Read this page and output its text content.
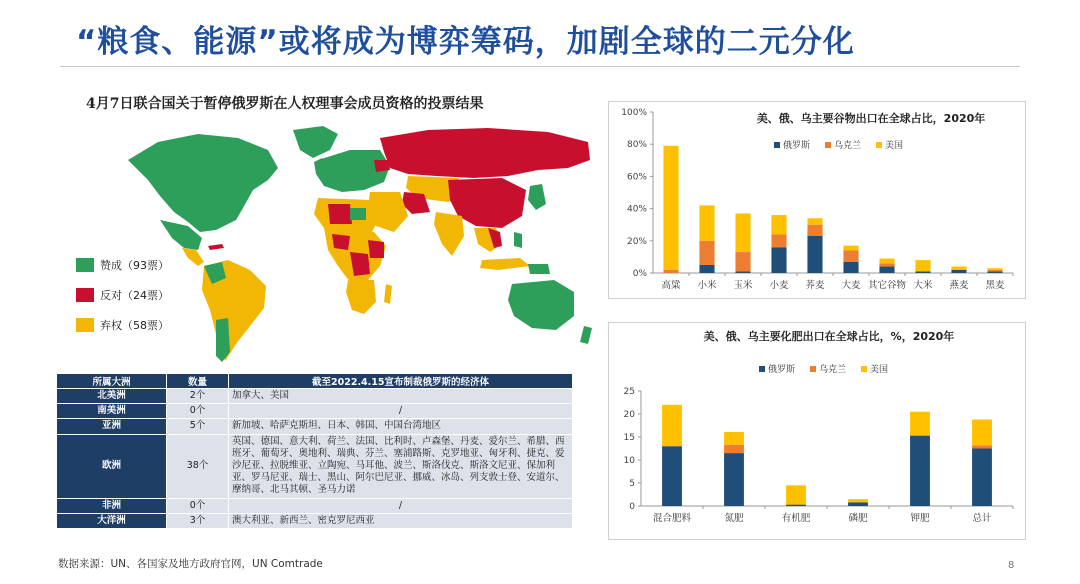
“粮食、能源”或将成为博弈筹码，加剧全球的二元分化
4月7日联合国关于暂停俄罗斯在人权理事会成员资格的投票结果
赞成（93票）
反对（24票）
弃权（58票）
所属大洲	数量	截至2022.4.15宣布制裁俄罗斯的经济体
北美洲	2个	加拿大、美国
南美洲	0个	/
亚洲	5个	新加坡、哈萨克斯坦、日本、韩国、中国台湾地区
欧洲	38个	英国、德国、意大利、荷兰、法国、比利时、卢森堡、丹麦、爱尔兰、希腊、西班牙、葡萄牙、奥地利、瑞典、芬兰、塞浦路斯、克罗地亚、匈牙利、捷克、爱沙尼亚、拉脱维亚、立陶宛、马耳他、波兰、斯洛伐克、斯洛文尼亚、保加利亚、罗马尼亚、瑞士、黑山、阿尔巴尼亚、挪威、冰岛、列支敦士登、安道尔、摩纳哥、北马其顿、圣马力诺
非洲	0个	/
大洋洲	3个	澳大利亚、新西兰、密克罗尼西亚
数据来源：UN、各国家及地方政府官网，UN Comtrade	8
美、俄、乌主要谷物出口在全球占比，2020年
俄罗斯	乌克兰	美国
0%
20%
40%
60%
80%
100%
高粱 小米 玉米 小麦 荞麦 大麦 其它谷物 大米 燕麦 黑麦
美、俄、乌主要化肥出口在全球占比，%，2020年
俄罗斯	乌克兰	美国
0
5
10
15
20
25
混合肥料	氮肥	有机肥	磷肥	钾肥	总计
